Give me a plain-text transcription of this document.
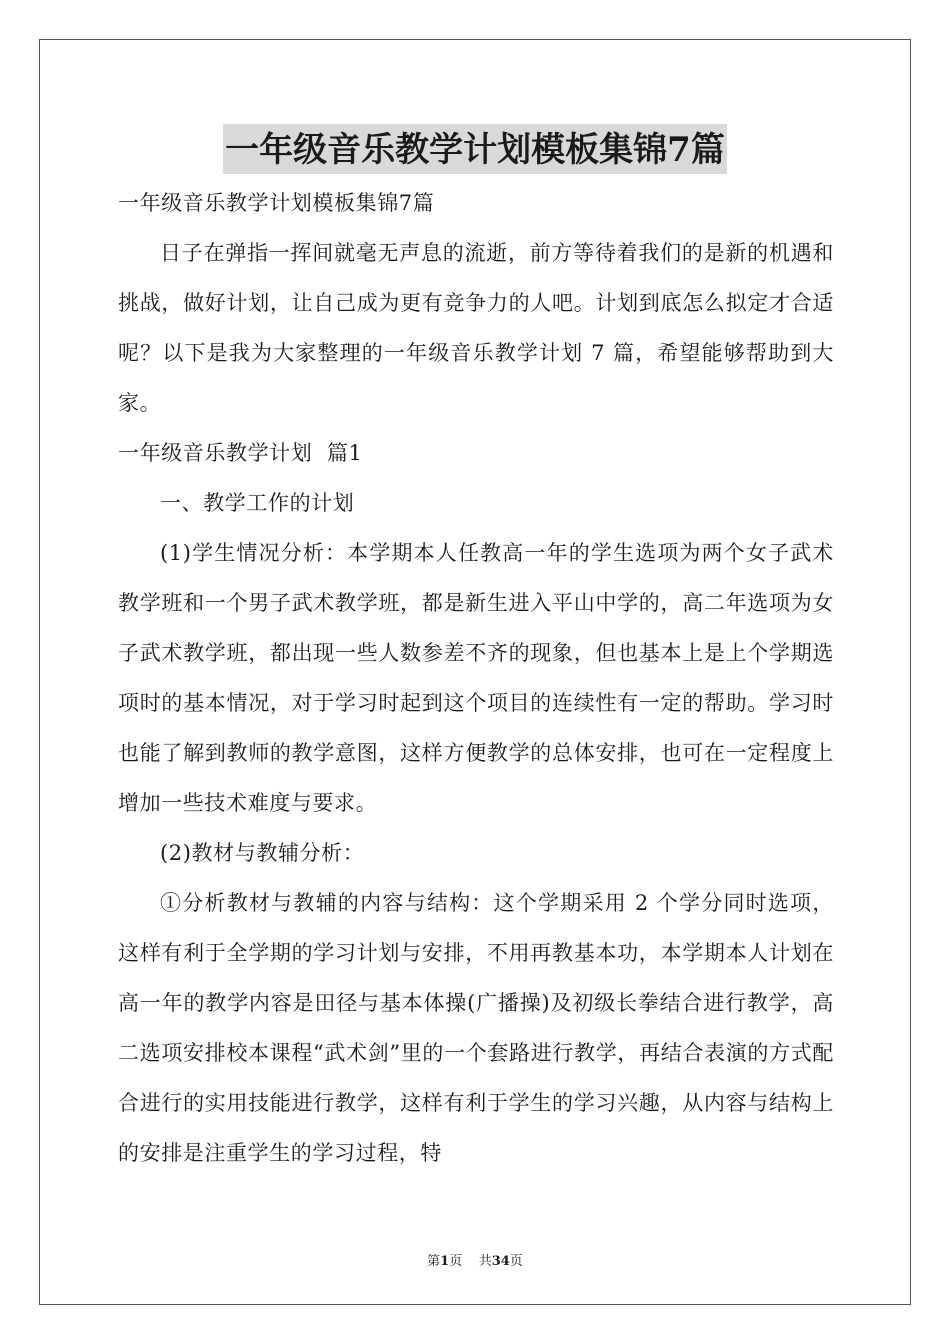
一年级音乐教学计划模板集锦7篇
一年级音乐教学计划模板集锦7篇

日子在弹指一挥间就毫无声息的流逝，前方等待着我们的是新的机遇和挑战，做好计划，让自己成为更有竞争力的人吧。计划到底怎么拟定才合适呢？以下是我为大家整理的一年级音乐教学计划 7 篇，希望能够帮助到大家。

一年级音乐教学计划  篇1
一、教学工作的计划

(1)学生情况分析：本学期本人任教高一年的学生选项为两个女子武术教学班和一个男子武术教学班，都是新生进入平山中学的，高二年选项为女子武术教学班，都出现一些人数参差不齐的现象，但也基本上是上个学期选项时的基本情况，对于学习时起到这个项目的连续性有一定的帮助。学习时也能了解到教师的教学意图，这样方便教学的总体安排，也可在一定程度上增加一些技术难度与要求。

(2)教材与教辅分析：

①分析教材与教辅的内容与结构：这个学期采用 2 个学分同时选项，这样有利于全学期的学习计划与安排，不用再教基本功，本学期本人计划在高一年的教学内容是田径与基本体操(广播操)及初级长拳结合进行教学，高二选项安排校本课程“武术剑”里的一个套路进行教学，再结合表演的方式配合进行的实用技能进行教学，这样有利于学生的学习兴趣，从内容与结构上的安排是注重学生的学习过程，特

第1页    共34页
